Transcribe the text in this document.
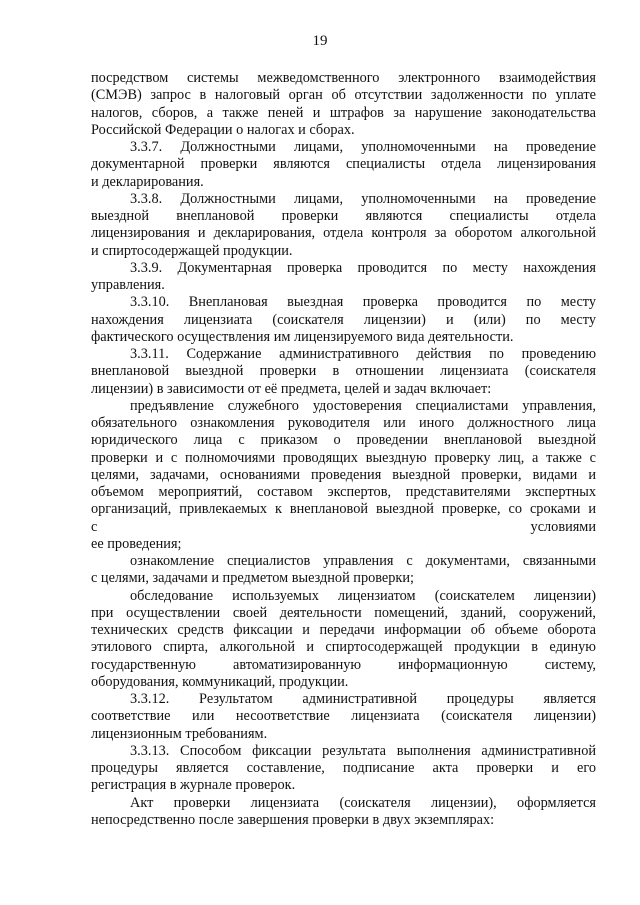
19
посредством системы межведомственного электронного взаимодействия
(СМЭВ) запрос в налоговый орган об отсутствии задолженности по уплате
налогов, сборов, а также пеней и штрафов за нарушение законодательства
Российской Федерации о налогах и сборах.
3.3.7. Должностными лицами, уполномоченными на проведение
документарной проверки являются специалисты отдела лицензирования
и декларирования.
3.3.8. Должностными лицами, уполномоченными на проведение
выездной внеплановой проверки являются специалисты отдела
лицензирования и декларирования, отдела контроля за оборотом алкогольной
и спиртосодержащей продукции.
3.3.9. Документарная проверка проводится по месту нахождения
управления.
3.3.10. Внеплановая выездная проверка проводится по месту
нахождения лицензиата (соискателя лицензии) и (или) по месту
фактического осуществления им лицензируемого вида деятельности.
3.3.11. Содержание административного действия по проведению
внеплановой выездной проверки в отношении лицензиата (соискателя
лицензии) в зависимости от её предмета, целей и задач включает:
предъявление служебного удостоверения специалистами управления,
обязательного ознакомления руководителя или иного должностного лица
юридического лица с приказом о проведении внеплановой выездной
проверки и с полномочиями проводящих выездную проверку лиц, а также с
целями, задачами, основаниями проведения выездной проверки, видами и
объемом мероприятий, составом экспертов, представителями экспертных
организаций, привлекаемых к внеплановой выездной проверке, со сроками и
с условиями
ее проведения;
ознакомление специалистов управления с документами, связанными
с целями, задачами и предметом выездной проверки;
обследование используемых лицензиатом (соискателем лицензии)
при осуществлении своей деятельности помещений, зданий, сооружений,
технических средств фиксации и передачи информации об объеме оборота
этилового спирта, алкогольной и спиртосодержащей продукции в единую
государственную автоматизированную информационную систему,
оборудования, коммуникаций, продукции.
3.3.12. Результатом административной процедуры является
соответствие или несоответствие лицензиата (соискателя лицензии)
лицензионным требованиям.
3.3.13. Способом фиксации результата выполнения административной
процедуры является составление, подписание акта проверки и его
регистрация в журнале проверок.
Акт проверки лицензиата (соискателя лицензии), оформляется
непосредственно после завершения проверки в двух экземплярах:
